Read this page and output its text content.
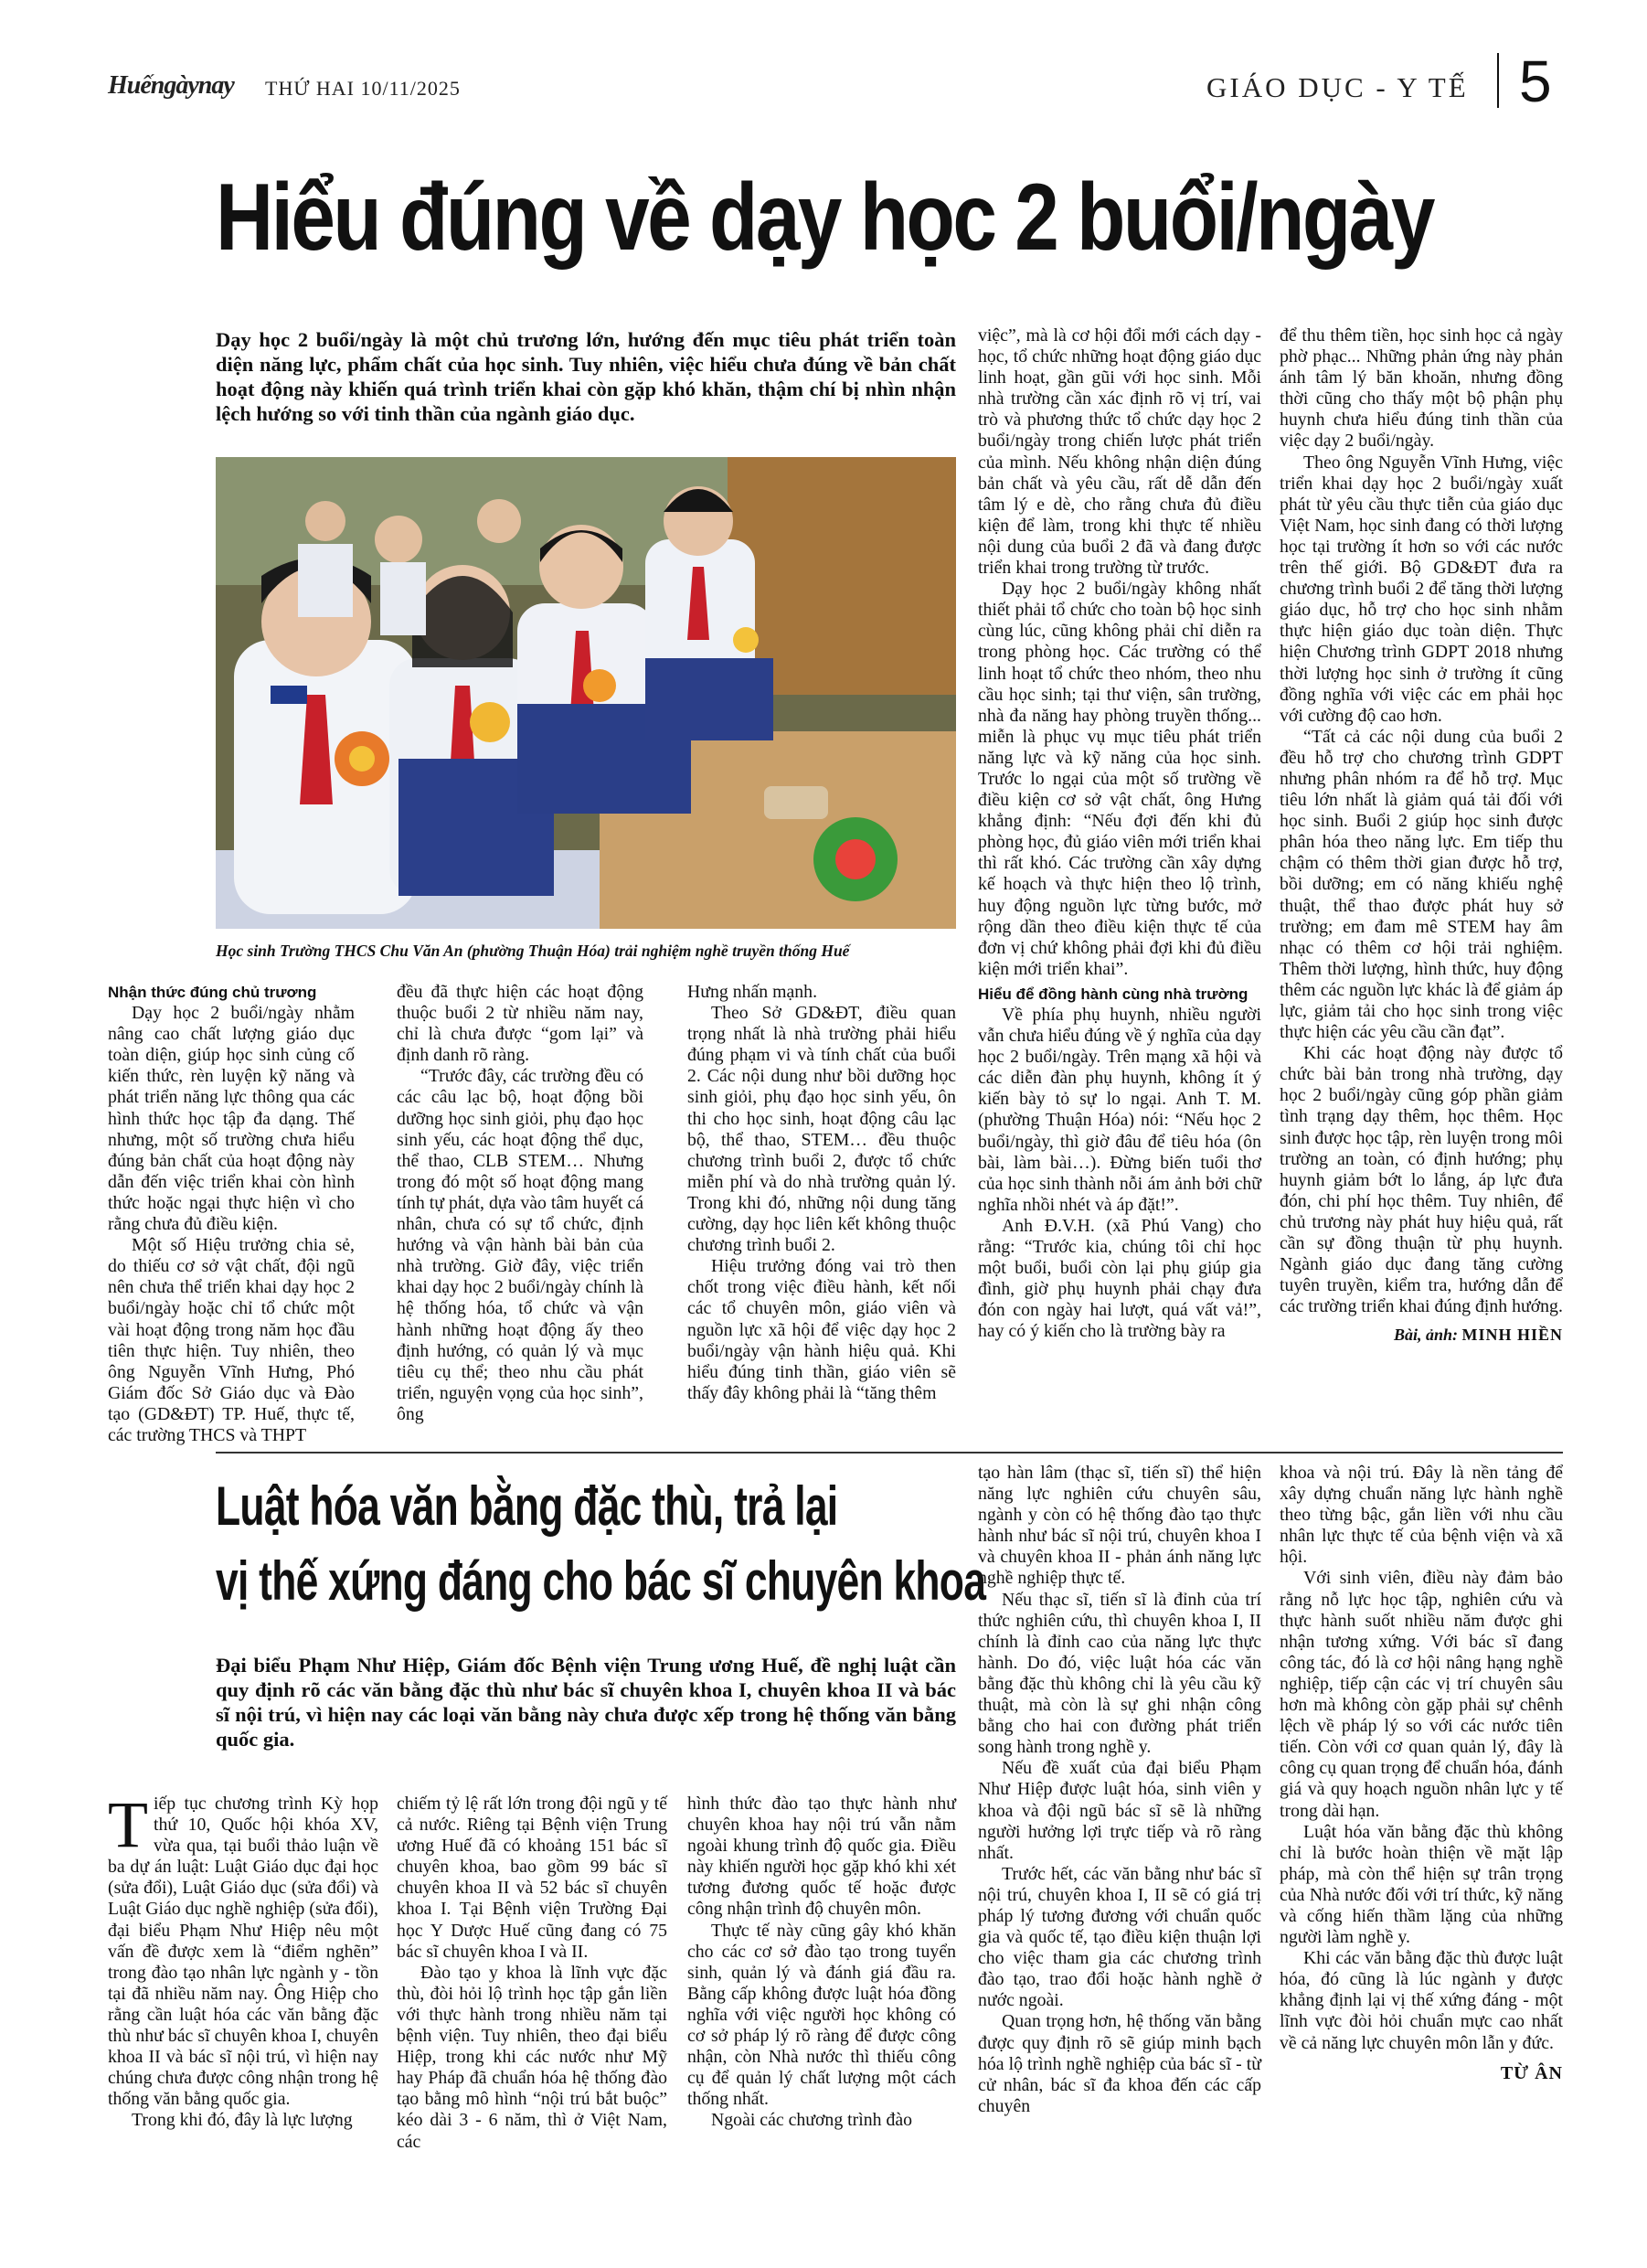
Huếngàynay THỨ HAI 10/11/2025	GIÁO DỤC - Y TẾ 5
Hiểu đúng về dạy học 2 buổi/ngày
Dạy học 2 buổi/ngày là một chủ trương lớn, hướng đến mục tiêu phát triển toàn diện năng lực, phẩm chất của học sinh. Tuy nhiên, việc hiểu chưa đúng về bản chất hoạt động này khiến quá trình triển khai còn gặp khó khăn, thậm chí bị nhìn nhận lệch hướng so với tinh thần của ngành giáo dục.
Học sinh Trường THCS Chu Văn An (phường Thuận Hóa) trải nghiệm nghề truyền thống Huế

Nhận thức đúng chủ trương

Dạy học 2 buổi/ngày nhằm nâng cao chất lượng giáo dục toàn diện, giúp học sinh củng cố kiến thức, rèn luyện kỹ năng và phát triển năng lực thông qua các hình thức học tập đa dạng. Thế nhưng, một số trường chưa hiểu đúng bản chất của hoạt động này dẫn đến việc triển khai còn hình thức hoặc ngại thực hiện vì cho rằng chưa đủ điều kiện.

Một số Hiệu trưởng chia sẻ, do thiếu cơ sở vật chất, đội ngũ nên chưa thể triển khai dạy học 2 buổi/ngày hoặc chỉ tổ chức một vài hoạt động trong năm học đầu tiên thực hiện. Tuy nhiên, theo ông Nguyễn Vĩnh Hưng, Phó Giám đốc Sở Giáo dục và Đào tạo (GD&ĐT) TP. Huế, thực tế, các trường THCS và THPT

đều đã thực hiện các hoạt động thuộc buổi 2 từ nhiều năm nay, chỉ là chưa được “gom lại” và định danh rõ ràng.

“Trước đây, các trường đều có các câu lạc bộ, hoạt động bồi dưỡng học sinh giỏi, phụ đạo học sinh yếu, các hoạt động thể dục, thể thao, CLB STEM… Nhưng trong đó một số hoạt động mang tính tự phát, dựa vào tâm huyết cá nhân, chưa có sự tổ chức, định hướng và vận hành bài bản của nhà trường. Giờ đây, việc triển khai dạy học 2 buổi/ngày chính là hệ thống hóa, tổ chức và vận hành những hoạt động ấy theo định hướng, có quản lý và mục tiêu cụ thể; theo nhu cầu phát triển, nguyện vọng của học sinh”, ông

Hưng nhấn mạnh.

Theo Sở GD&ĐT, điều quan trọng nhất là nhà trường phải hiểu đúng phạm vi và tính chất của buổi 2. Các nội dung như bồi dưỡng học sinh giỏi, phụ đạo học sinh yếu, ôn thi cho học sinh, hoạt động câu lạc bộ, thể thao, STEM… đều thuộc chương trình buổi 2, được tổ chức miễn phí và do nhà trường quản lý. Trong khi đó, những nội dung tăng cường, dạy học liên kết không thuộc chương trình buổi 2.

Hiệu trưởng đóng vai trò then chốt trong việc điều hành, kết nối các tổ chuyên môn, giáo viên và nguồn lực xã hội để việc dạy học 2 buổi/ngày vận hành hiệu quả. Khi hiểu đúng tinh thần, giáo viên sẽ thấy đây không phải là “tăng thêm

việc”, mà là cơ hội đổi mới cách dạy - học, tổ chức những hoạt động giáo dục linh hoạt, gần gũi với học sinh. Mỗi nhà trường cần xác định rõ vị trí, vai trò và phương thức tổ chức dạy học 2 buổi/ngày trong chiến lược phát triển của mình. Nếu không nhận diện đúng bản chất và yêu cầu, rất dễ dẫn đến tâm lý e dè, cho rằng chưa đủ điều kiện để làm, trong khi thực tế nhiều nội dung của buổi 2 đã và đang được triển khai trong trường từ trước.

Dạy học 2 buổi/ngày không nhất thiết phải tổ chức cho toàn bộ học sinh cùng lúc, cũng không phải chỉ diễn ra trong phòng học. Các trường có thể linh hoạt tổ chức theo nhóm, theo nhu cầu học sinh; tại thư viện, sân trường, nhà đa năng hay phòng truyền thống... miễn là phục vụ mục tiêu phát triển năng lực và kỹ năng của học sinh. Trước lo ngại của một số trường về điều kiện cơ sở vật chất, ông Hưng khẳng định: “Nếu đợi đến khi đủ phòng học, đủ giáo viên mới triển khai thì rất khó. Các trường cần xây dựng kế hoạch và thực hiện theo lộ trình, huy động nguồn lực từng bước, mở rộng dần theo điều kiện thực tế của đơn vị chứ không phải đợi khi đủ điều kiện mới triển khai”.

Hiểu để đồng hành cùng nhà trường

Về phía phụ huynh, nhiều người vẫn chưa hiểu đúng về ý nghĩa của dạy học 2 buổi/ngày. Trên mạng xã hội và các diễn đàn phụ huynh, không ít ý kiến bày tỏ sự lo ngại. Anh T. M. (phường Thuận Hóa) nói: “Nếu học 2 buổi/ngày, thì giờ đâu để tiêu hóa (ôn bài, làm bài…). Đừng biến tuổi thơ của học sinh thành nỗi ám ảnh bởi chữ nghĩa nhồi nhét và áp đặt!”.

Anh Đ.V.H. (xã Phú Vang) cho rằng: “Trước kia, chúng tôi chỉ học một buổi, buổi còn lại phụ giúp gia đình, giờ phụ huynh phải chạy đưa đón con ngày hai lượt, quá vất vả!”, hay có ý kiến cho là trường bày ra

để thu thêm tiền, học sinh học cả ngày phờ phạc... Những phản ứng này phản ánh tâm lý băn khoăn, nhưng đồng thời cũng cho thấy một bộ phận phụ huynh chưa hiểu đúng tinh thần của việc dạy 2 buổi/ngày.

Theo ông Nguyễn Vĩnh Hưng, việc triển khai dạy học 2 buổi/ngày xuất phát từ yêu cầu thực tiễn của giáo dục Việt Nam, học sinh đang có thời lượng học tại trường ít hơn so với các nước trên thế giới. Bộ GD&ĐT đưa ra chương trình buổi 2 để tăng thời lượng giáo dục, hỗ trợ cho học sinh nhằm thực hiện giáo dục toàn diện. Thực hiện Chương trình GDPT 2018 nhưng thời lượng học sinh ở trường ít cũng đồng nghĩa với việc các em phải học với cường độ cao hơn.

“Tất cả các nội dung của buổi 2 đều hỗ trợ cho chương trình GDPT nhưng phân nhóm ra để hỗ trợ. Mục tiêu lớn nhất là giảm quá tải đối với học sinh. Buổi 2 giúp học sinh được phân hóa theo năng lực. Em tiếp thu chậm có thêm thời gian được hỗ trợ, bồi dưỡng; em có năng khiếu nghệ thuật, thể thao được phát huy sở trường; em đam mê STEM hay âm nhạc có thêm cơ hội trải nghiệm. Thêm thời lượng, hình thức, huy động thêm các nguồn lực khác là để giảm áp lực, giảm tải cho học sinh trong việc thực hiện các yêu cầu cần đạt”.

Khi các hoạt động này được tổ chức bài bản trong nhà trường, dạy học 2 buổi/ngày cũng góp phần giảm tình trạng dạy thêm, học thêm. Học sinh được học tập, rèn luyện trong môi trường an toàn, có định hướng; phụ huynh giảm bớt lo lắng, áp lực đưa đón, chi phí học thêm. Tuy nhiên, để chủ trương này phát huy hiệu quả, rất cần sự đồng thuận từ phụ huynh. Ngành giáo dục đang tăng cường tuyên truyền, kiểm tra, hướng dẫn để các trường triển khai đúng định hướng.

Bài, ảnh: MINH HIỀN
Luật hóa văn bằng đặc thù, trả lại
vị thế xứng đáng cho bác sĩ chuyên khoa
Đại biểu Phạm Như Hiệp, Giám đốc Bệnh viện Trung ương Huế, đề nghị luật cần quy định rõ các văn bằng đặc thù như bác sĩ chuyên khoa I, chuyên khoa II và bác sĩ nội trú, vì hiện nay các loại văn bằng này chưa được xếp trong hệ thống văn bằng quốc gia.

Tiếp tục chương trình Kỳ họp thứ 10, Quốc hội khóa XV, vừa qua, tại buổi thảo luận về ba dự án luật: Luật Giáo dục đại học (sửa đổi), Luật Giáo dục (sửa đổi) và Luật Giáo dục nghề nghiệp (sửa đổi), đại biểu Phạm Như Hiệp nêu một vấn đề được xem là “điểm nghẽn” trong đào tạo nhân lực ngành y - tồn tại đã nhiều năm nay. Ông Hiệp cho rằng cần luật hóa các văn bằng đặc thù như bác sĩ chuyên khoa I, chuyên khoa II và bác sĩ nội trú, vì hiện nay chúng chưa được công nhận trong hệ thống văn bằng quốc gia.

Trong khi đó, đây là lực lượng

chiếm tỷ lệ rất lớn trong đội ngũ y tế cả nước. Riêng tại Bệnh viện Trung ương Huế đã có khoảng 151 bác sĩ chuyên khoa, bao gồm 99 bác sĩ chuyên khoa II và 52 bác sĩ chuyên khoa I. Tại Bệnh viện Trường Đại học Y Dược Huế cũng đang có 75 bác sĩ chuyên khoa I và II.

Đào tạo y khoa là lĩnh vực đặc thù, đòi hỏi lộ trình học tập gắn liền với thực hành trong nhiều năm tại bệnh viện. Tuy nhiên, theo đại biểu Hiệp, trong khi các nước như Mỹ hay Pháp đã chuẩn hóa hệ thống đào tạo bằng mô hình “nội trú bắt buộc” kéo dài 3 - 6 năm, thì ở Việt Nam, các

hình thức đào tạo thực hành như chuyên khoa hay nội trú vẫn nằm ngoài khung trình độ quốc gia. Điều này khiến người học gặp khó khi xét tương đương quốc tế hoặc được công nhận trình độ chuyên môn.

Thực tế này cũng gây khó khăn cho các cơ sở đào tạo trong tuyển sinh, quản lý và đánh giá đầu ra. Bằng cấp không được luật hóa đồng nghĩa với việc người học không có cơ sở pháp lý rõ ràng để được công nhận, còn Nhà nước thì thiếu công cụ để quản lý chất lượng một cách thống nhất.

Ngoài các chương trình đào

tạo hàn lâm (thạc sĩ, tiến sĩ) thể hiện năng lực nghiên cứu chuyên sâu, ngành y còn có hệ thống đào tạo thực hành như bác sĩ nội trú, chuyên khoa I và chuyên khoa II - phản ánh năng lực nghề nghiệp thực tế.

Nếu thạc sĩ, tiến sĩ là đỉnh của trí thức nghiên cứu, thì chuyên khoa I, II chính là đỉnh cao của năng lực thực hành. Do đó, việc luật hóa các văn bằng đặc thù không chỉ là yêu cầu kỹ thuật, mà còn là sự ghi nhận công bằng cho hai con đường phát triển song hành trong nghề y.

Nếu đề xuất của đại biểu Phạm Như Hiệp được luật hóa, sinh viên y khoa và đội ngũ bác sĩ sẽ là những người hưởng lợi trực tiếp và rõ ràng nhất.

Trước hết, các văn bằng như bác sĩ nội trú, chuyên khoa I, II sẽ có giá trị pháp lý tương đương với chuẩn quốc gia và quốc tế, tạo điều kiện thuận lợi cho việc tham gia các chương trình đào tạo, trao đổi hoặc hành nghề ở nước ngoài.

Quan trọng hơn, hệ thống văn bằng được quy định rõ sẽ giúp minh bạch hóa lộ trình nghề nghiệp của bác sĩ - từ cử nhân, bác sĩ đa khoa đến các cấp chuyên

khoa và nội trú. Đây là nền tảng để xây dựng chuẩn năng lực hành nghề theo từng bậc, gắn liền với nhu cầu nhân lực thực tế của bệnh viện và xã hội.

Với sinh viên, điều này đảm bảo rằng nỗ lực học tập, nghiên cứu và thực hành suốt nhiều năm được ghi nhận tương xứng. Với bác sĩ đang công tác, đó là cơ hội nâng hạng nghề nghiệp, tiếp cận các vị trí chuyên sâu hơn mà không còn gặp phải sự chênh lệch về pháp lý so với các nước tiên tiến. Còn với cơ quan quản lý, đây là công cụ quan trọng để chuẩn hóa, đánh giá và quy hoạch nguồn nhân lực y tế trong dài hạn.

Luật hóa văn bằng đặc thù không chỉ là bước hoàn thiện về mặt lập pháp, mà còn thể hiện sự trân trọng của Nhà nước đối với trí thức, kỹ năng và cống hiến thầm lặng của những người làm nghề y.

Khi các văn bằng đặc thù được luật hóa, đó cũng là lúc ngành y được khẳng định lại vị thế xứng đáng - một lĩnh vực đòi hỏi chuẩn mực cao nhất về cả năng lực chuyên môn lẫn y đức.

TỪ ÂN
